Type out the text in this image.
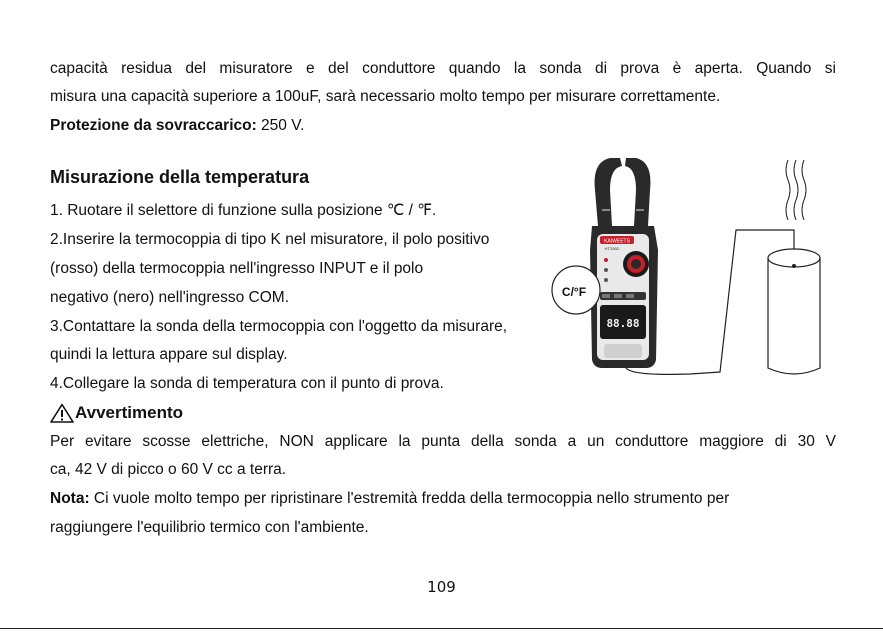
capacità residua del misuratore e del conduttore quando la sonda di prova è aperta. Quando si
misura una capacità superiore a 100uF, sarà necessario molto tempo per misurare correttamente.
Protezione da sovraccarico: 250 V.
Misurazione della temperatura
1. Ruotare il selettore di funzione sulla posizione ℃ / ℉.
2.Inserire la termocoppia di tipo K nel misuratore, il polo positivo
(rosso) della termocoppia nell'ingresso INPUT e il polo
negativo (nero) nell'ingresso COM.
3.Contattare la sonda della termocoppia con l'oggetto da misurare,
quindi la lettura appare sul display.
4.Collegare la sonda di temperatura con il punto di prova.
KAIWEETS
HT206D
88.88
C/°F
Avvertimento
Per evitare scosse elettriche, NON applicare la punta della sonda a un conduttore maggiore di 30 V
ca, 42 V di picco o 60 V cc a terra.
Nota: Ci vuole molto tempo per ripristinare l'estremità fredda della termocoppia nello strumento per
raggiungere l'equilibrio termico con l'ambiente.
109
